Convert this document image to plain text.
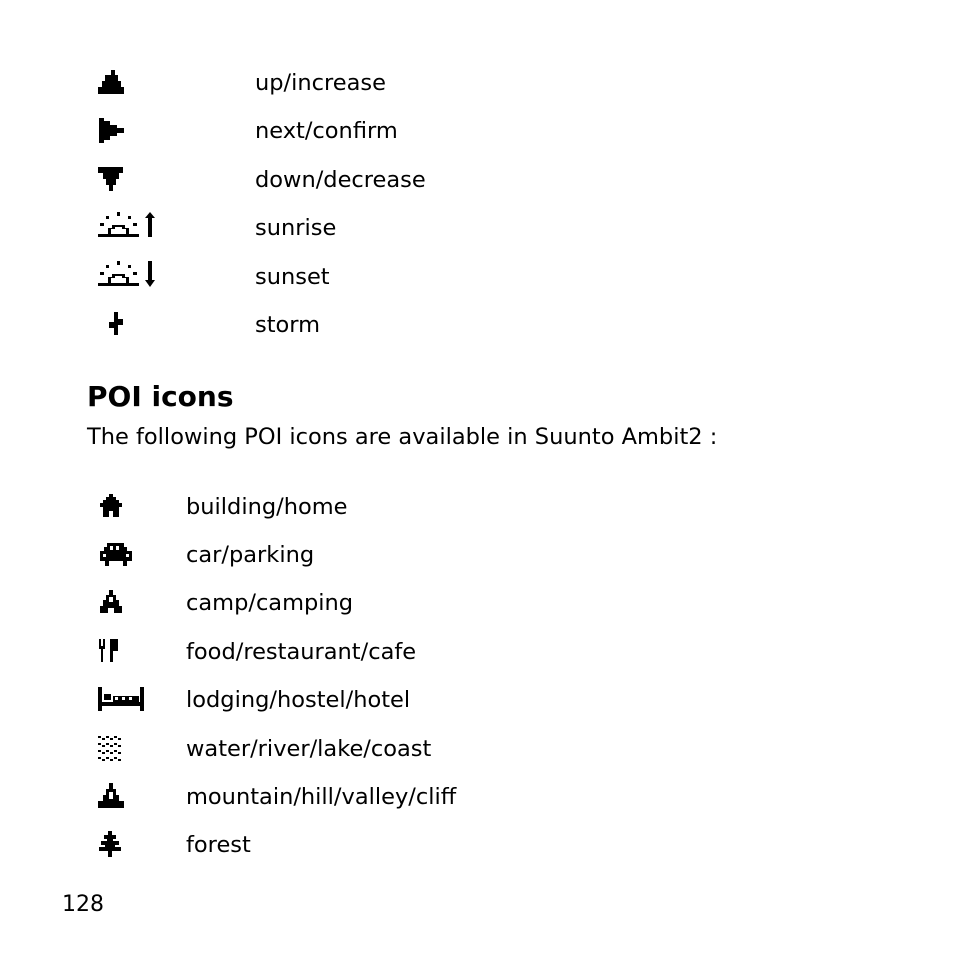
up/increase
next/confirm
down/decrease
sunrise
sunset
storm
POI icons

The following POI icons are available in Suunto Ambit2 :

building/home
car/parking
camp/camping
food/restaurant/cafe
lodging/hostel/hotel
water/river/lake/coast
mountain/hill/valley/cliff
forest
128
